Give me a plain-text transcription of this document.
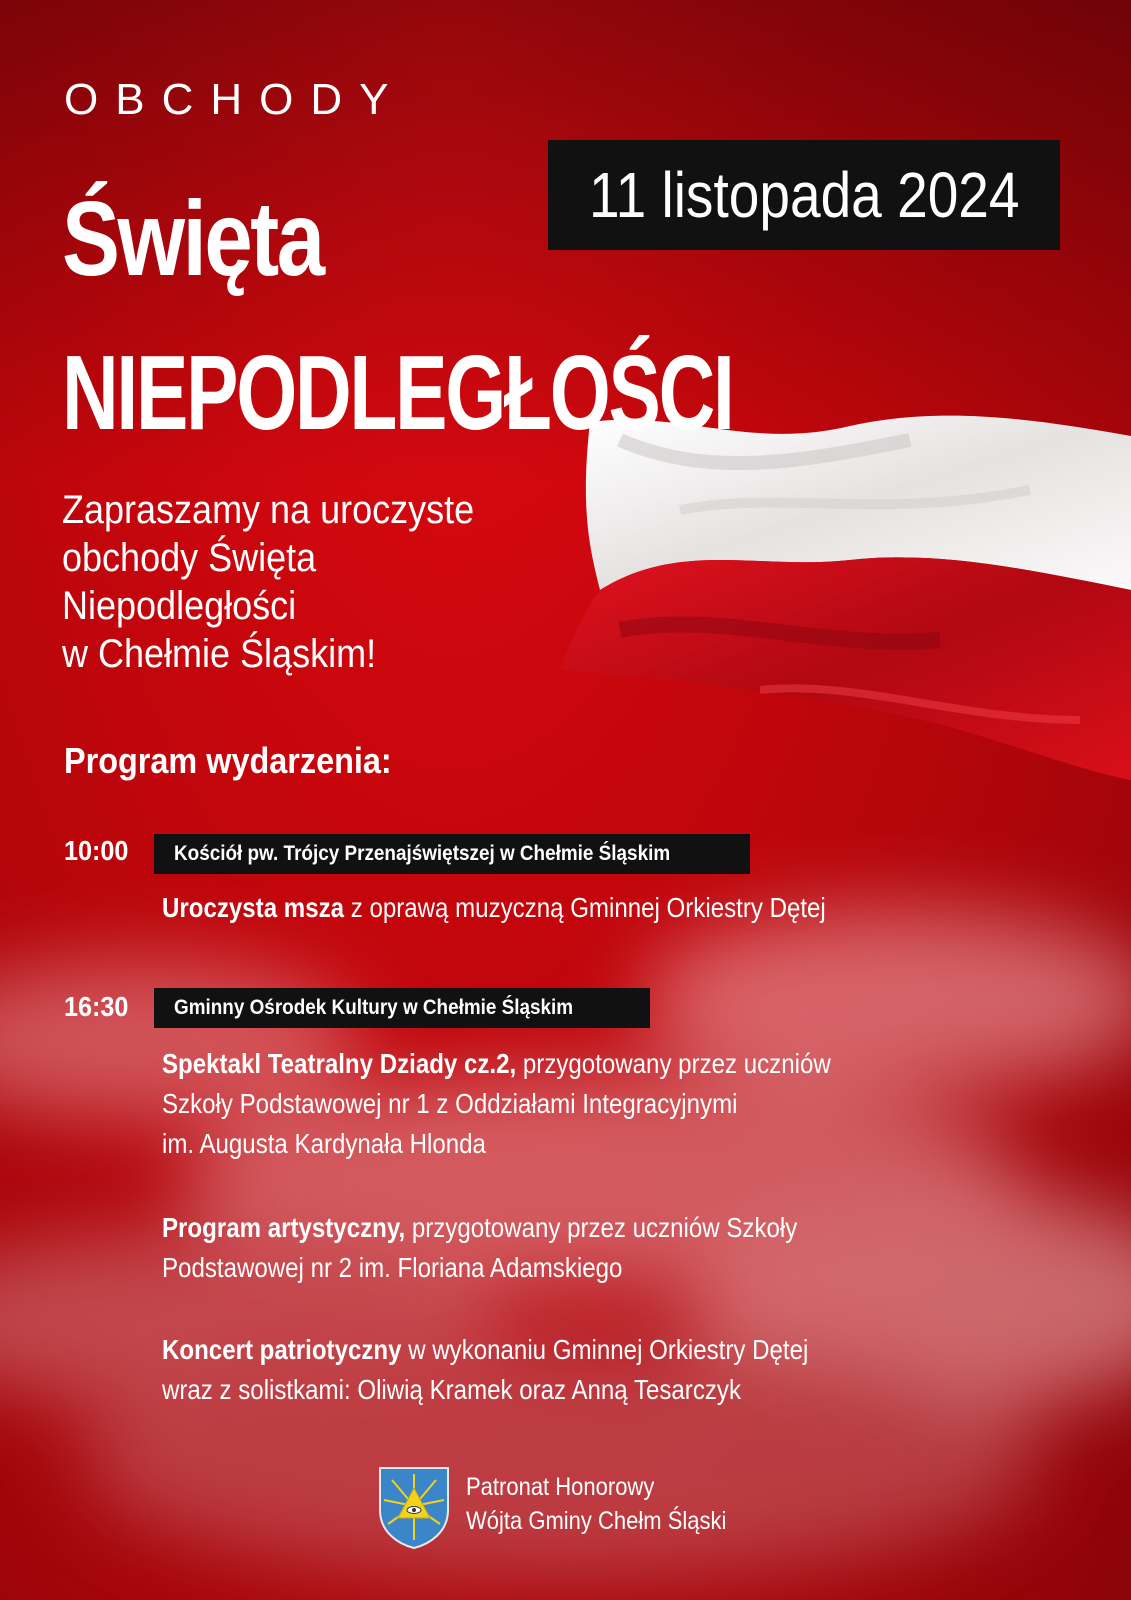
OBCHODY
Święta
NIEPODLEGŁOŚCI
11 listopada 2024
Zapraszamy na uroczyste
obchody Święta
Niepodległości
w Chełmie Śląskim!
Program wydarzenia:
10:00 Kościół pw. Trójcy Przenajświętszej w Chełmie Śląskim
Uroczysta msza z oprawą muzyczną Gminnej Orkiestry Dętej
16:30 Gminny Ośrodek Kultury w Chełmie Śląskim
Spektakl Teatralny Dziady cz.2, przygotowany przez uczniów
Szkoły Podstawowej nr 1 z Oddziałami Integracyjnymi
im. Augusta Kardynała Hlonda
Program artystyczny, przygotowany przez uczniów Szkoły
Podstawowej nr 2 im. Floriana Adamskiego
Koncert patriotyczny w wykonaniu Gminnej Orkiestry Dętej
wraz z solistkami: Oliwią Kramek oraz Anną Tesarczyk
Patronat Honorowy
Wójta Gminy Chełm Śląski
